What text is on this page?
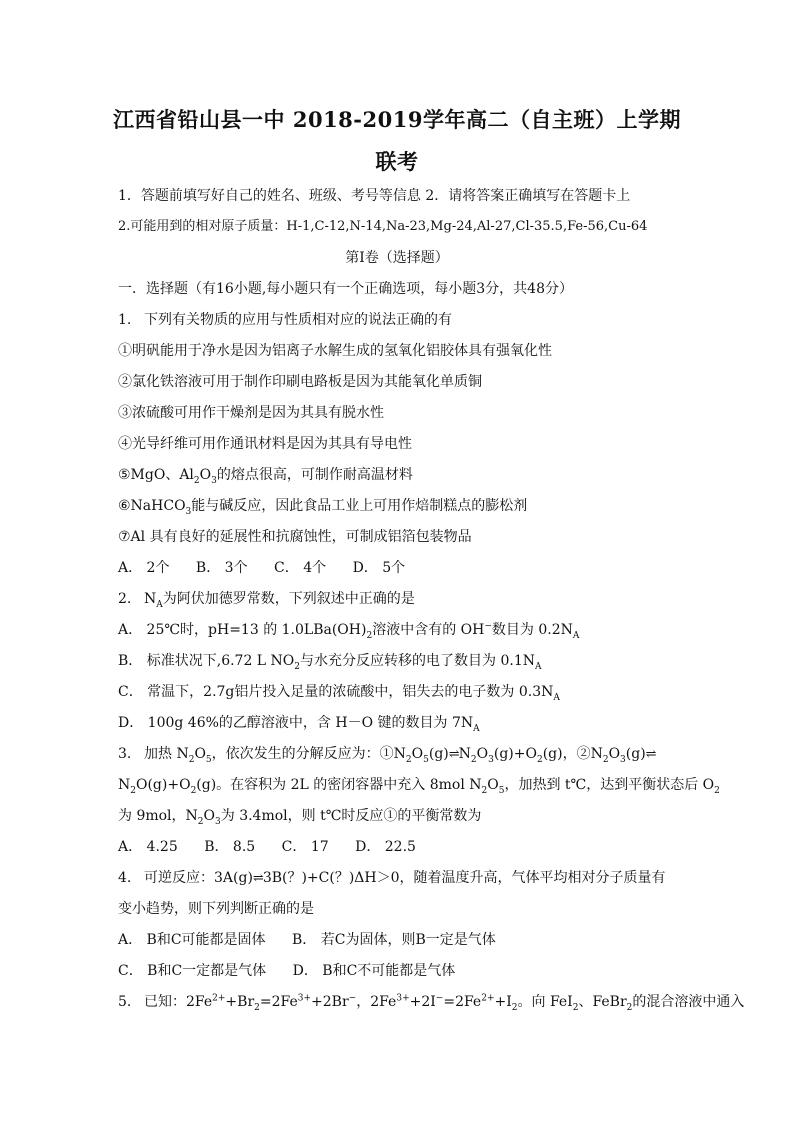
江西省铅山县一中 2018-2019学年高二（自主班）上学期
联考
1．答题前填写好自己的姓名、班级、考号等信息 2．请将答案正确填写在答题卡上
2.可能用到的相对原子质量：H-1,C-12,N-14,Na-23,Mg-24,Al-27,Cl-35.5,Fe-56,Cu-64
第Ⅰ卷（选择题）
一．选择题（有16小题,每小题只有一个正确选项，每小题3分，共48分）
1. 下列有关物质的应用与性质相对应的说法正确的有
①明矾能用于净水是因为铝离子水解生成的氢氧化铝胶体具有强氧化性
②氯化铁溶液可用于制作印刷电路板是因为其能氧化单质铜
③浓硫酸可用作干燥剂是因为其具有脱水性
④光导纤维可用作通讯材料是因为其具有导电性
⑤MgO、$Al_2O_3$的熔点很高，可制作耐高温材料
⑥NaHCO$_3$能与碱反应，因此食品工业上可用作焙制糕点的膨松剂
⑦Al 具有良好的延展性和抗腐蚀性，可制成铝箔包装物品
A． 2个 B． 3个 C． 4个 D． 5个
2. $N_A$为阿伏加德罗常数，下列叙述中正确的是
A． 25℃时，pH=13 的 $1.0LBa(OH)_2$溶液中含有的 OH−数目为 $0.2N_A$
B． 标准状况下,6.72 L $NO_2$与水充分反应转移的电了数目为 $0.1N_A$
C． 常温下，2.7g铝片投入足量的浓硫酸中，铝失去的电子数为 $0.3N_A$
D． 100g 46%的乙醇溶液中，含 H－O 键的数目为 $7N_A$
3. 加热 $N_2O_5$，依次发生的分解反应为：$①N_2O_5(g)\rightleftharpoons N_2O_3(g)+O_2(g)$，$②N_2O_3(g)\rightleftharpoons$
$N_2O(g)+O_2(g)$。在容积为 2L 的密闭容器中充入 8mol $N_2O_5$，加热到 t℃，达到平衡状态后 $O_2$
为 9mol，$N_2O_3$为 3.4mol，则 t℃时反应①的平衡常数为
A． 4.25 B． 8.5 C． 17 D． 22.5
4. 可逆反应：3A(g)⇌3B(？)+C(？)ΔH＞0，随着温度升高，气体平均相对分子质量有
变小趋势，则下列判断正确的是
A． B和C可能都是固体 B． 若C为固体，则B一定是气体
C． B和C一定都是气体 D． B和C不可能都是气体
5. 已知：$2Fe^{2+}+Br_2=2Fe^{3+}+2Br^-$，$2Fe^{3+}+2I^-=2Fe^{2+}+I_2$。向 FeI$_2$、FeBr$_2$的混合溶液中通入
